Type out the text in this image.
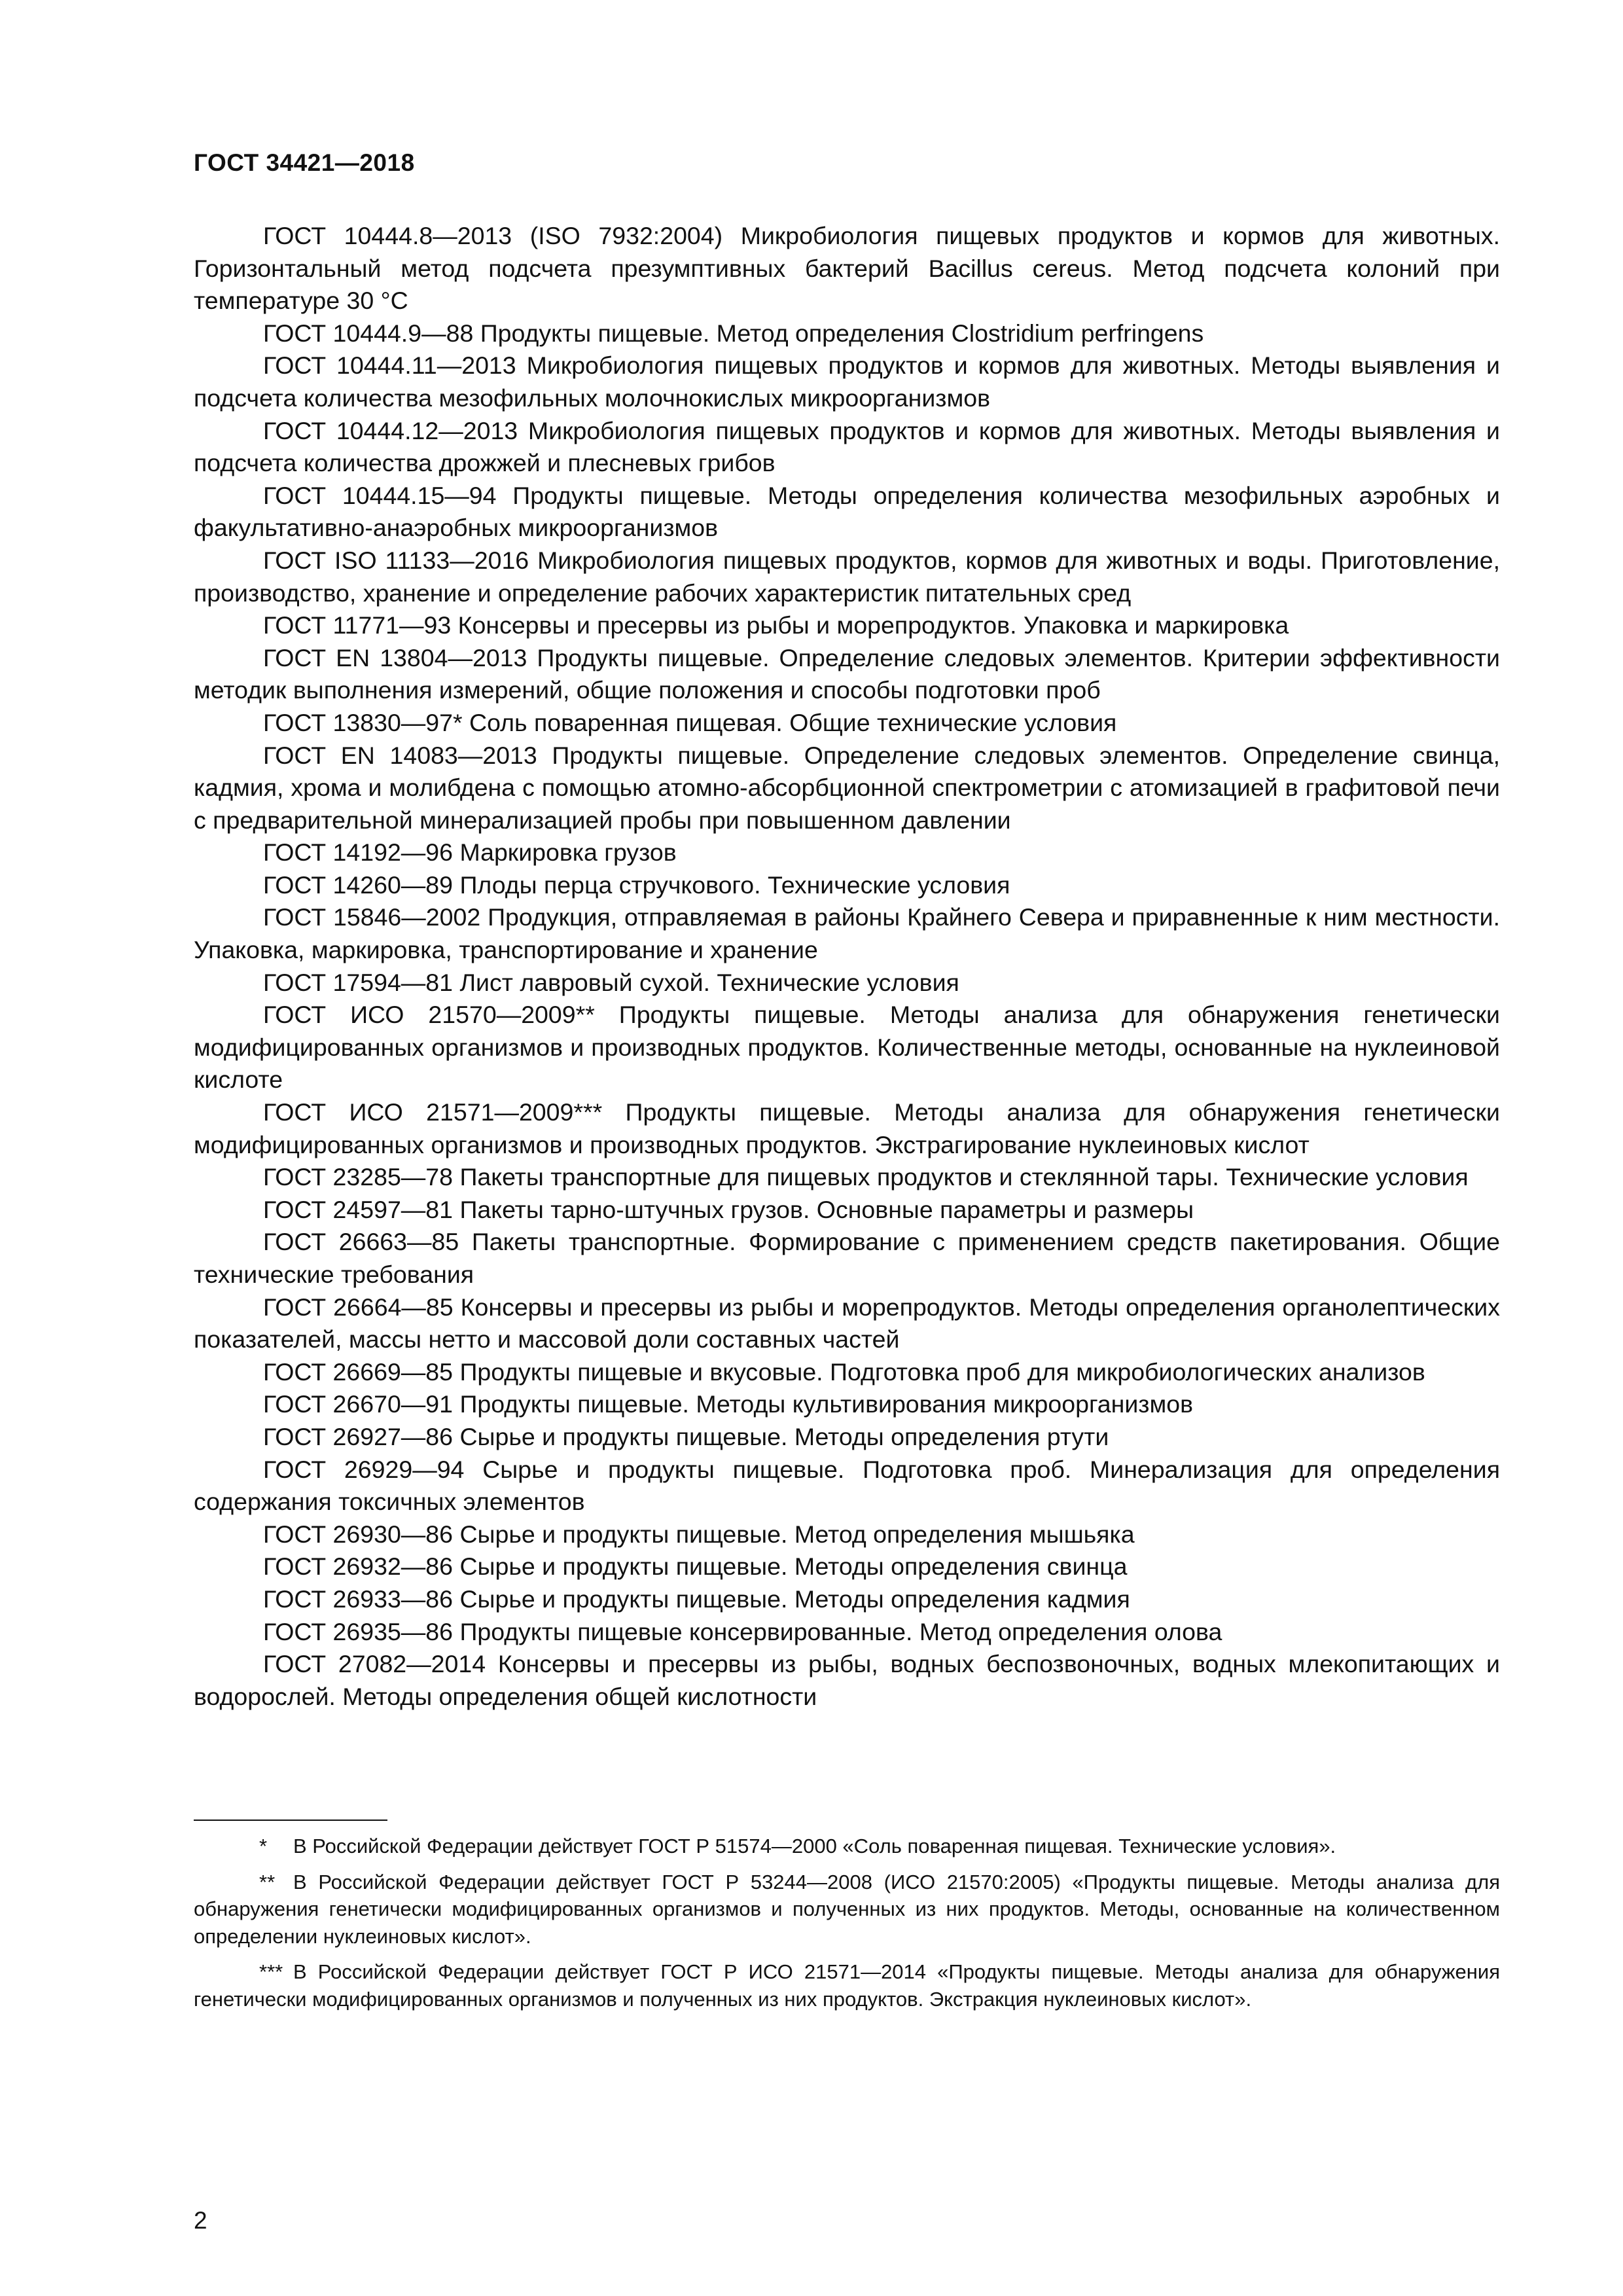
ГОСТ 34421—2018

ГОСТ 10444.8—2013 (ISO 7932:2004) Микробиология пищевых продуктов и кормов для животных. Горизонтальный метод подсчета презумптивных бактерий Bacillus cereus. Метод подсчета колоний при температуре 30 °С

ГОСТ 10444.9—88 Продукты пищевые. Метод определения Clostridium perfringens

ГОСТ 10444.11—2013 Микробиология пищевых продуктов и кормов для животных. Методы выявления и подсчета количества мезофильных молочнокислых микроорганизмов

ГОСТ 10444.12—2013 Микробиология пищевых продуктов и кормов для животных. Методы выявления и подсчета количества дрожжей и плесневых грибов

ГОСТ 10444.15—94 Продукты пищевые. Методы определения количества мезофильных аэробных и факультативно-анаэробных микроорганизмов

ГОСТ ISO 11133—2016 Микробиология пищевых продуктов, кормов для животных и воды. Приготовление, производство, хранение и определение рабочих характеристик питательных сред

ГОСТ 11771—93 Консервы и пресервы из рыбы и морепродуктов. Упаковка и маркировка

ГОСТ EN 13804—2013 Продукты пищевые. Определение следовых элементов. Критерии эффективности методик выполнения измерений, общие положения и способы подготовки проб

ГОСТ 13830—97* Соль поваренная пищевая. Общие технические условия

ГОСТ EN 14083—2013 Продукты пищевые. Определение следовых элементов. Определение свинца, кадмия, хрома и молибдена с помощью атомно-абсорбционной спектрометрии с атомизацией в графитовой печи с предварительной минерализацией пробы при повышенном давлении

ГОСТ 14192—96 Маркировка грузов

ГОСТ 14260—89 Плоды перца стручкового. Технические условия

ГОСТ 15846—2002 Продукция, отправляемая в районы Крайнего Севера и приравненные к ним местности. Упаковка, маркировка, транспортирование и хранение

ГОСТ 17594—81 Лист лавровый сухой. Технические условия

ГОСТ ИСО 21570—2009** Продукты пищевые. Методы анализа для обнаружения генетически модифицированных организмов и производных продуктов. Количественные методы, основанные на нуклеиновой кислоте

ГОСТ ИСО 21571—2009*** Продукты пищевые. Методы анализа для обнаружения генетически модифицированных организмов и производных продуктов. Экстрагирование нуклеиновых кислот

ГОСТ 23285—78 Пакеты транспортные для пищевых продуктов и стеклянной тары. Технические условия

ГОСТ 24597—81 Пакеты тарно-штучных грузов. Основные параметры и размеры

ГОСТ 26663—85 Пакеты транспортные. Формирование с применением средств пакетирования. Общие технические требования

ГОСТ 26664—85 Консервы и пресервы из рыбы и морепродуктов. Методы определения органолептических показателей, массы нетто и массовой доли составных частей

ГОСТ 26669—85 Продукты пищевые и вкусовые. Подготовка проб для микробиологических анализов

ГОСТ 26670—91 Продукты пищевые. Методы культивирования микроорганизмов

ГОСТ 26927—86 Сырье и продукты пищевые. Методы определения ртути

ГОСТ 26929—94 Сырье и продукты пищевые. Подготовка проб. Минерализация для определения содержания токсичных элементов

ГОСТ 26930—86 Сырье и продукты пищевые. Метод определения мышьяка

ГОСТ 26932—86 Сырье и продукты пищевые. Методы определения свинца

ГОСТ 26933—86 Сырье и продукты пищевые. Методы определения кадмия

ГОСТ 26935—86 Продукты пищевые консервированные. Метод определения олова

ГОСТ 27082—2014 Консервы и пресервы из рыбы, водных беспозвоночных, водных млекопитающих и водорослей. Методы определения общей кислотности

* В Российской Федерации действует ГОСТ Р 51574—2000 «Соль поваренная пищевая. Технические условия».

** В Российской Федерации действует ГОСТ Р 53244—2008 (ИСО 21570:2005) «Продукты пищевые. Методы анализа для обнаружения генетически модифицированных организмов и полученных из них продуктов. Методы, основанные на количественном определении нуклеиновых кислот».

*** В Российской Федерации действует ГОСТ Р ИСО 21571—2014 «Продукты пищевые. Методы анализа для обнаружения генетически модифицированных организмов и полученных из них продуктов. Экстракция нуклеиновых кислот».

2
